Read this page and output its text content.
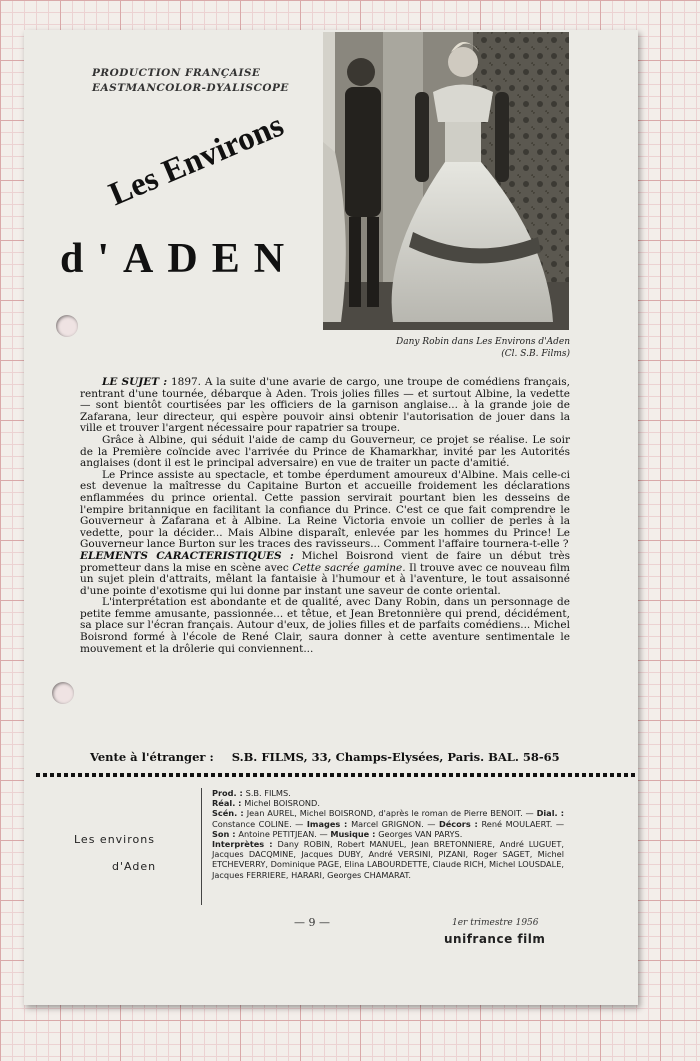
PRODUCTION FRANÇAISE
EASTMANCOLOR-DYALISCOPE
Les Environs
d'ADEN
Dany Robin dans Les Environs d'Aden
(Cl. S.B. Films)

LE SUJET : 1897. A la suite d'une avarie de cargo, une troupe de comédiens français, rentrant d'une tournée, débarque à Aden. Trois jolies filles — et surtout Albine, la vedette — sont bientôt courtisées par les officiers de la garnison anglaise... à la grande joie de Zafarana, leur directeur, qui espère pouvoir ainsi obtenir l'autorisation de jouer dans la ville et trouver l'argent nécessaire pour rapatrier sa troupe.

Grâce à Albine, qui séduit l'aide de camp du Gouverneur, ce projet se réalise. Le soir de la Première coïncide avec l'arrivée du Prince de Khamarkhar, invité par les Autorités anglaises (dont il est le principal adversaire) en vue de traiter un pacte d'amitié.

Le Prince assiste au spectacle, et tombe éperdument amoureux d'Albine. Mais celle-ci est devenue la maîtresse du Capitaine Burton et accueille froidement les déclarations enflammées du prince oriental. Cette passion servirait pourtant bien les desseins de l'empire britannique en facilitant la confiance du Prince. C'est ce que fait comprendre le Gouverneur à Zafarana et à Albine. La Reine Victoria envoie un collier de perles à la vedette, pour la décider... Mais Albine disparaît, enlevée par les hommes du Prince! Le Gouverneur lance Burton sur les traces des ravisseurs... Comment l'affaire tournera-t-elle ?

ELEMENTS CARACTERISTIQUES : Michel Boisrond vient de faire un début très prometteur dans la mise en scène avec Cette sacrée gamine. Il trouve avec ce nouveau film un sujet plein d'attraits, mêlant la fantaisie à l'humour et à l'aventure, le tout assaisonné d'une pointe d'exotisme qui lui donne par instant une saveur de conte oriental.

L'interprétation est abondante et de qualité, avec Dany Robin, dans un personnage de petite femme amusante, passionnée... et têtue, et Jean Bretonnière qui prend, décidément, sa place sur l'écran français. Autour d'eux, de jolies filles et de parfaits comédiens... Michel Boisrond formé à l'école de René Clair, saura donner à cette aventure sentimentale le mouvement et la drôlerie qui conviennent...

Vente à l'étranger : S.B. FILMS, 33, Champs-Elysées, Paris. BAL. 58-65
Les environs
d'Aden
Prod. : S.B. FILMS.
Réal. : Michel BOISROND.
Scén. : Jean AUREL, Michel BOISROND, d'après le roman de Pierre BENOIT. — Dial. : Constance COLINE. — Images : Marcel GRIGNON. — Décors : René MOULAERT. — Son : Antoine PETITJEAN. — Musique : Georges VAN PARYS.
Interprètes : Dany ROBIN, Robert MANUEL, Jean BRETONNIERE, André LUGUET, Jacques DACQMINE, Jacques DUBY, André VERSINI, PIZANI, Roger SAGET, Michel ETCHEVERRY, Dominique PAGE, Elina LABOURDETTE, Claude RICH, Michel LOUSDALE, Jacques FERRIERE, HARARI, Georges CHAMARAT.
— 9 —	1er trimestre 1956
unifrance film
